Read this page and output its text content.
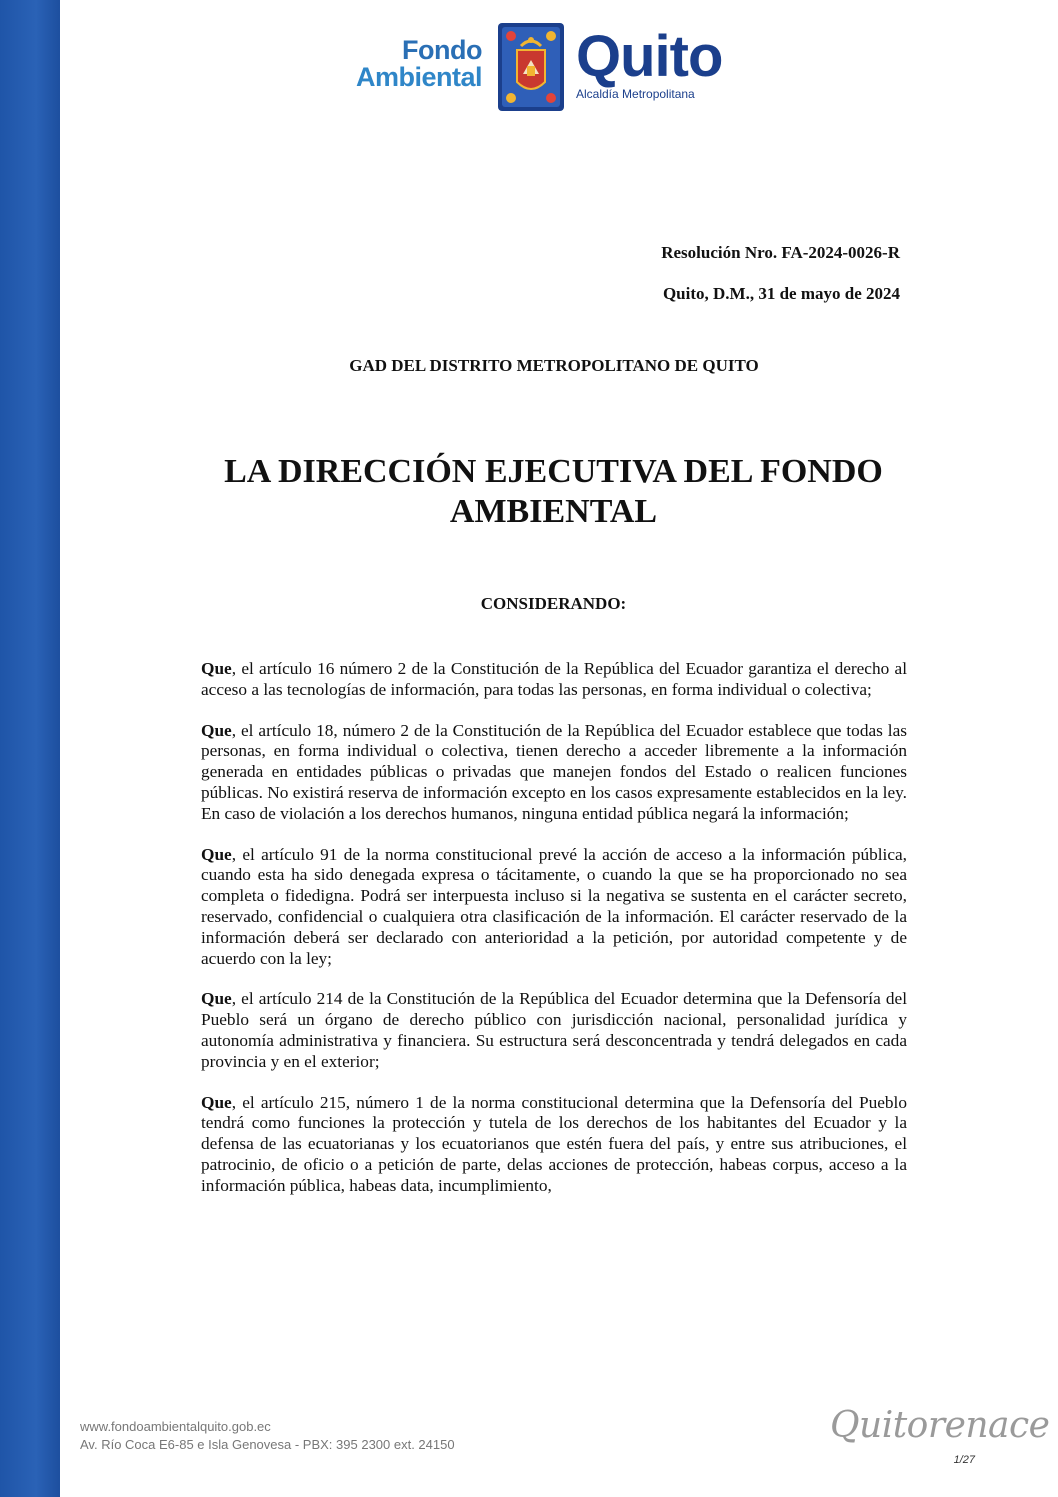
Fondo
Ambiental Quito
Alcaldía Metropolitana
Resolución Nro. FA-2024-0026-R
Quito, D.M., 31 de mayo de 2024
GAD DEL DISTRITO METROPOLITANO DE QUITO
LA DIRECCIÓN EJECUTIVA DEL FONDO AMBIENTAL
CONSIDERANDO:

Que, el artículo 16 número 2 de la Constitución de la República del Ecuador garantiza el derecho al acceso a las tecnologías de información, para todas las personas, en forma individual o colectiva;

Que, el artículo 18, número 2 de la Constitución de la República del Ecuador establece que todas las personas, en forma individual o colectiva, tienen derecho a acceder libremente a la información generada en entidades públicas o privadas que manejen fondos del Estado o realicen funciones públicas. No existirá reserva de información excepto en los casos expresamente establecidos en la ley. En caso de violación a los derechos humanos, ninguna entidad pública negará la información;

Que, el artículo 91 de la norma constitucional prevé la acción de acceso a la información pública, cuando esta ha sido denegada expresa o tácitamente, o cuando la que se ha proporcionado no sea completa o fidedigna. Podrá ser interpuesta incluso si la negativa se sustenta en el carácter secreto, reservado, confidencial o cualquiera otra clasificación de la información. El carácter reservado de la información deberá ser declarado con anterioridad a la petición, por autoridad competente y de acuerdo con la ley;

Que, el artículo 214 de la Constitución de la República del Ecuador determina que la Defensoría del Pueblo será un órgano de derecho público con jurisdicción nacional, personalidad jurídica y autonomía administrativa y financiera. Su estructura será desconcentrada y tendrá delegados en cada provincia y en el exterior;

Que, el artículo 215, número 1 de la norma constitucional determina que la Defensoría del Pueblo tendrá como funciones la protección y tutela de los derechos de los habitantes del Ecuador y la defensa de las ecuatorianas y los ecuatorianos que estén fuera del país, y entre sus atribuciones, el patrocinio, de oficio o a petición de parte, delas acciones de protección, habeas corpus, acceso a la información pública, habeas data, incumplimiento,

www.fondoambientalquito.gob.ec
Av. Río Coca E6-85 e Isla Genovesa - PBX: 395 2300 ext. 24150	Quitorenace
1/27
